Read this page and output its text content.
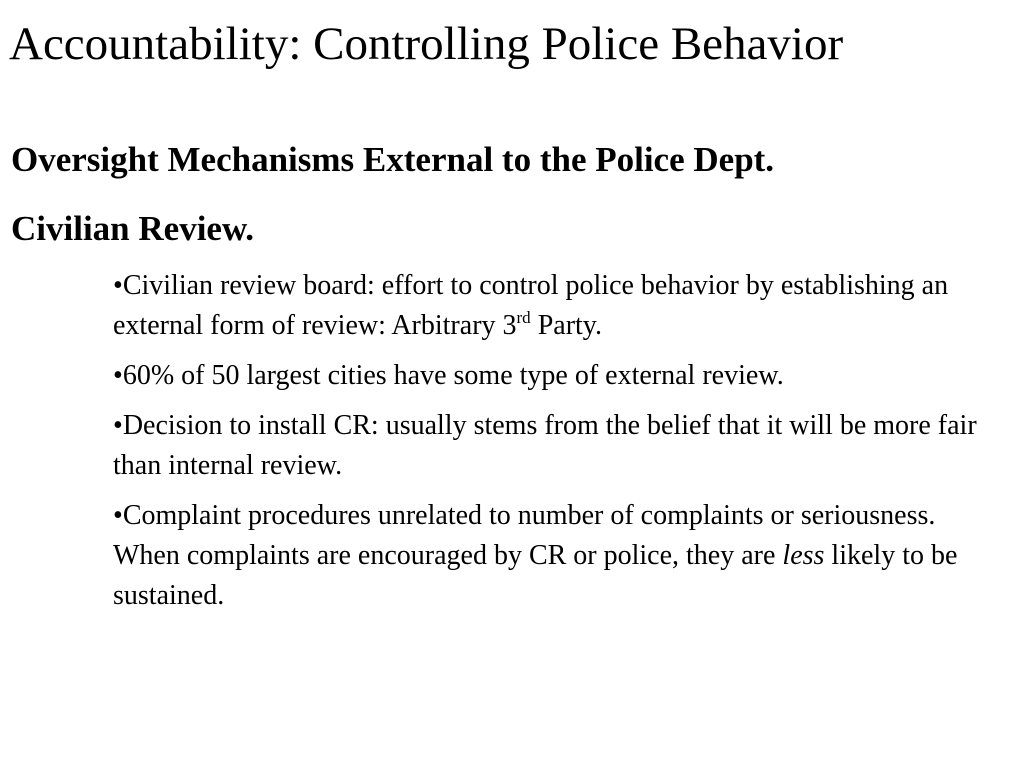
Accountability: Controlling Police Behavior
Oversight Mechanisms External to the Police Dept.
Civilian Review.
•Civilian review board: effort to control police behavior by establishing an external form of review: Arbitrary 3rd Party.
•60% of 50 largest cities have some type of external review.
•Decision to install CR: usually stems from the belief that it will be more fair than internal review.
•Complaint procedures unrelated to number of complaints or seriousness. When complaints are encouraged by CR or police, they are less likely to be sustained.
